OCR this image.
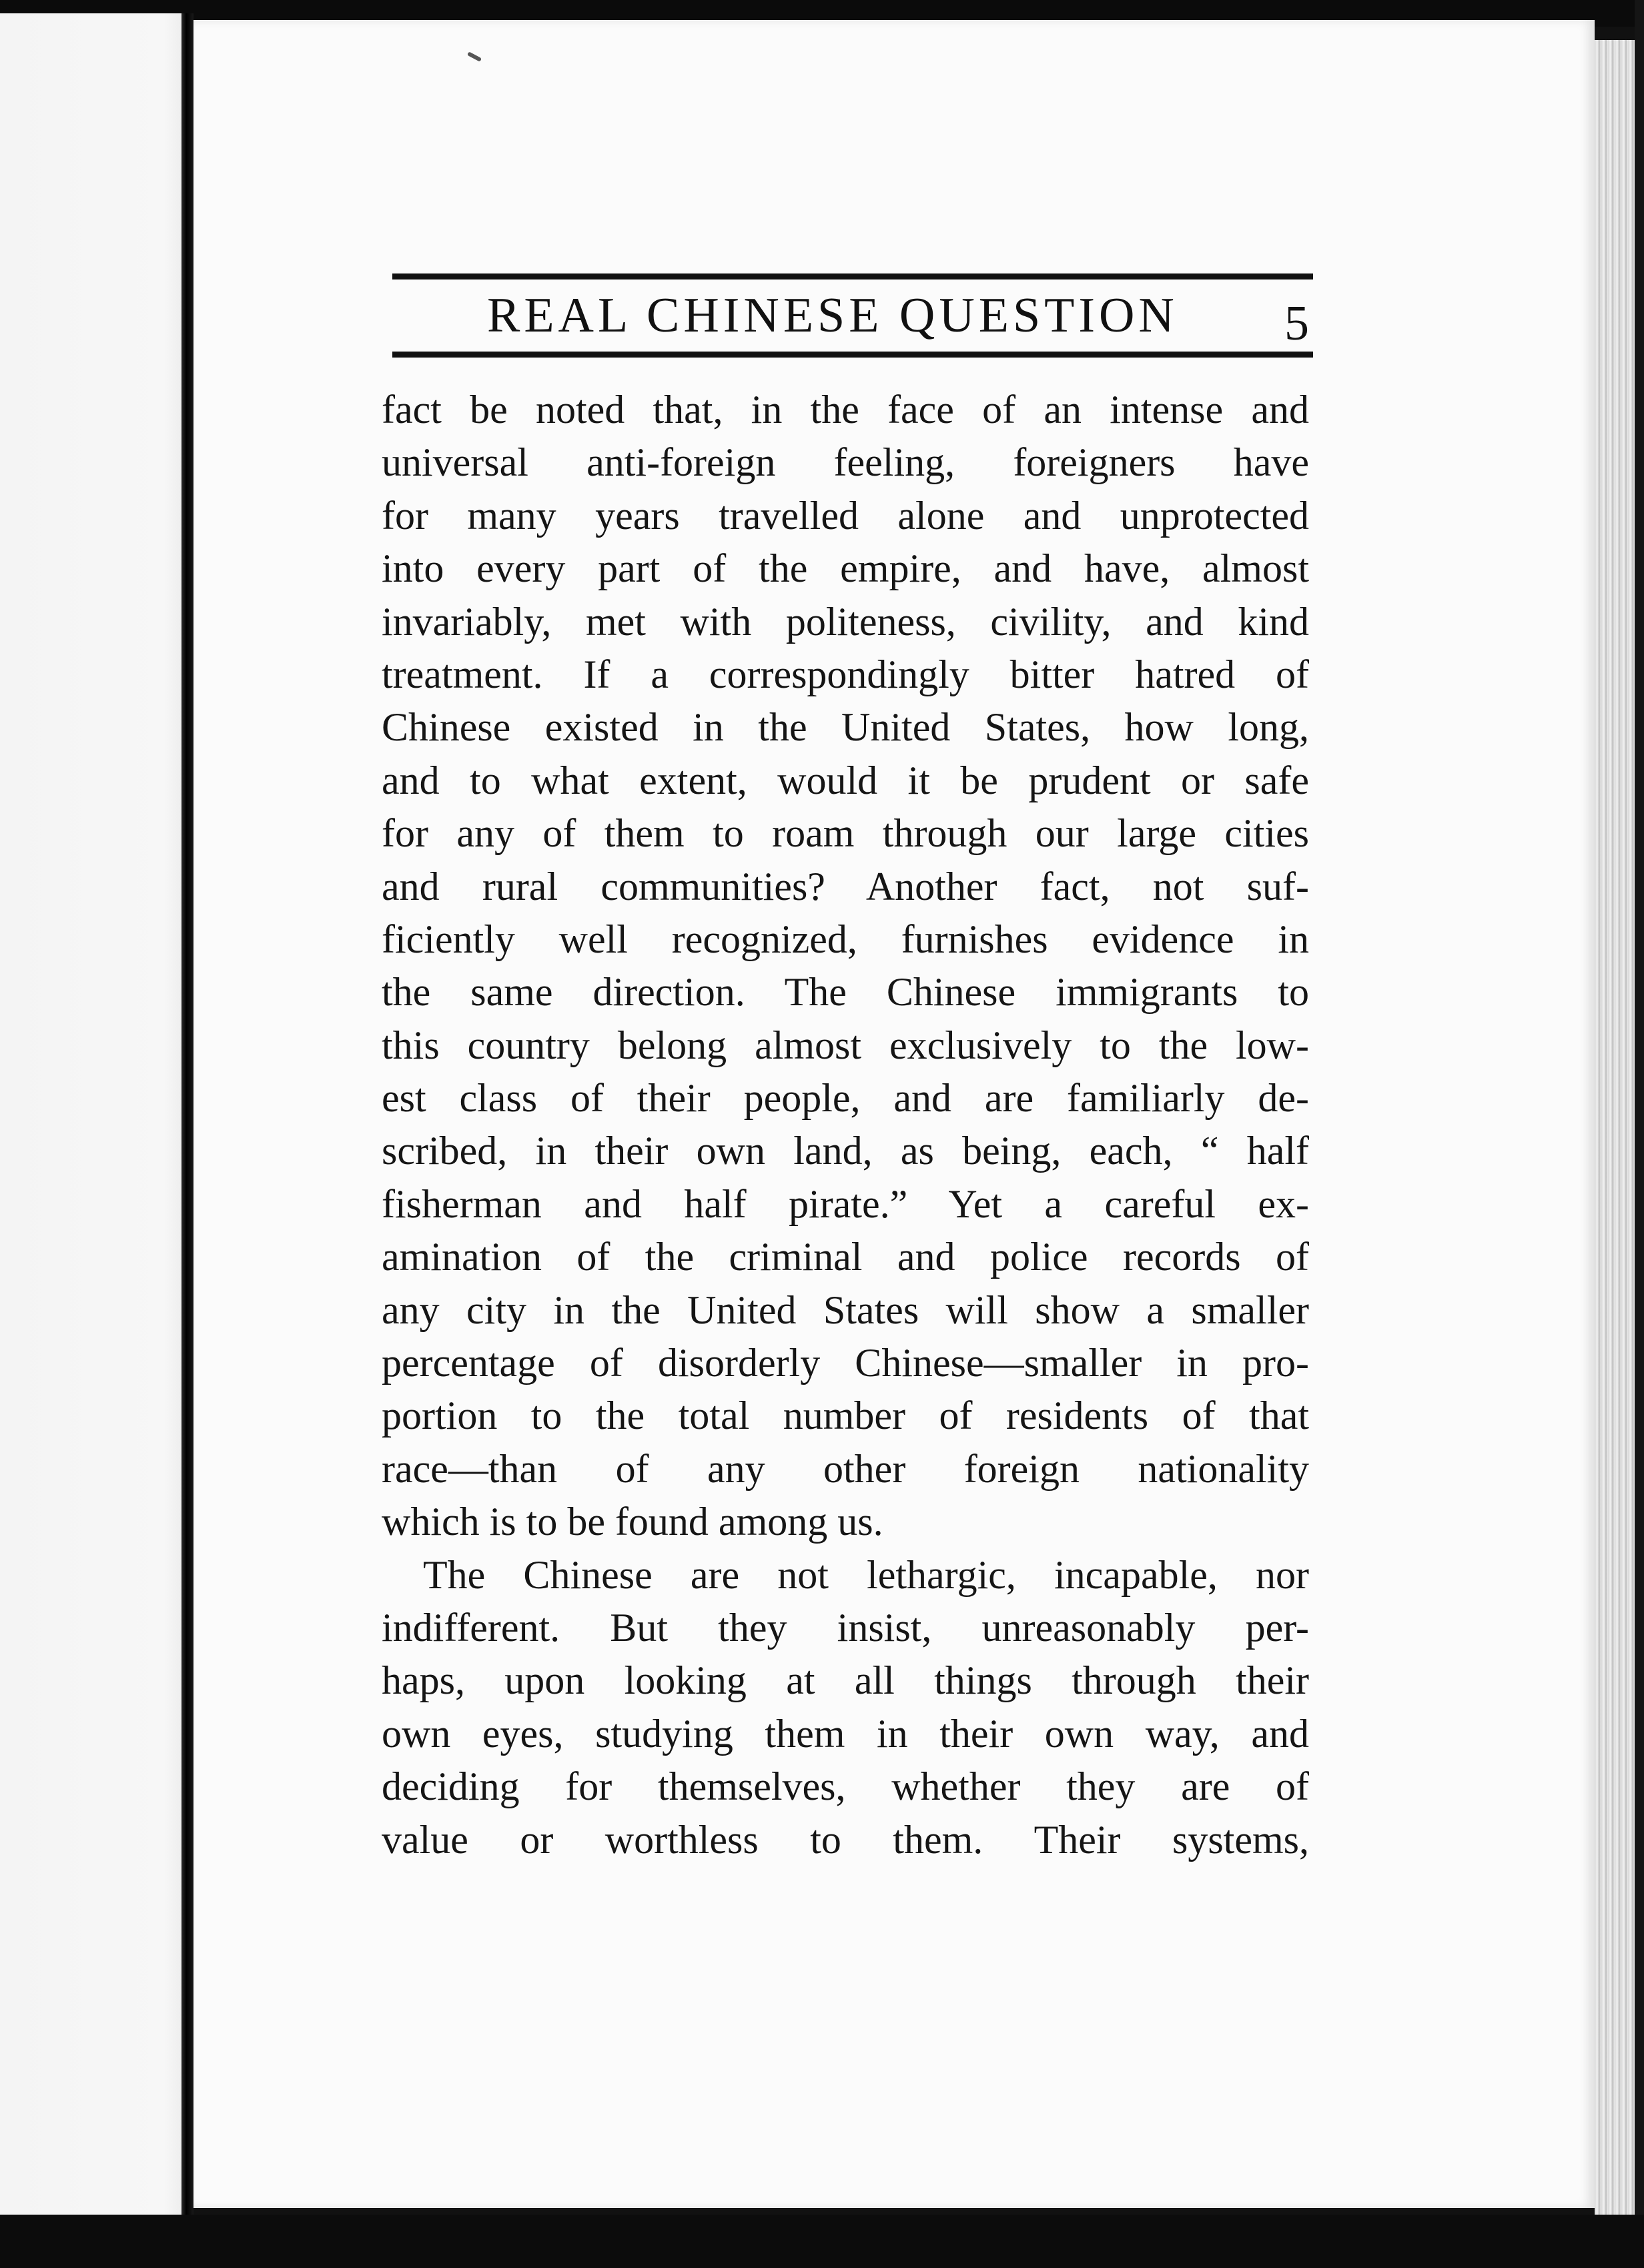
REAL CHINESE QUESTION 5
fact be noted that, in the face of an intense and
universal anti-foreign feeling, foreigners have
for many years travelled alone and unprotected
into every part of the empire, and have, almost
invariably, met with politeness, civility, and kind
treatment. If a correspondingly bitter hatred of
Chinese existed in the United States, how long,
and to what extent, would it be prudent or safe
for any of them to roam through our large cities
and rural communities? Another fact, not suf-
ficiently well recognized, furnishes evidence in
the same direction. The Chinese immigrants to
this country belong almost exclusively to the low-
est class of their people, and are familiarly de-
scribed, in their own land, as being, each, “ half
fisherman and half pirate.” Yet a careful ex-
amination of the criminal and police records of
any city in the United States will show a smaller
percentage of disorderly Chinese—smaller in pro-
portion to the total number of residents of that
race—than of any other foreign nationality
which is to be found among us.
The Chinese are not lethargic, incapable, nor
indifferent. But they insist, unreasonably per-
haps, upon looking at all things through their
own eyes, studying them in their own way, and
deciding for themselves, whether they are of
value or worthless to them. Their systems,
